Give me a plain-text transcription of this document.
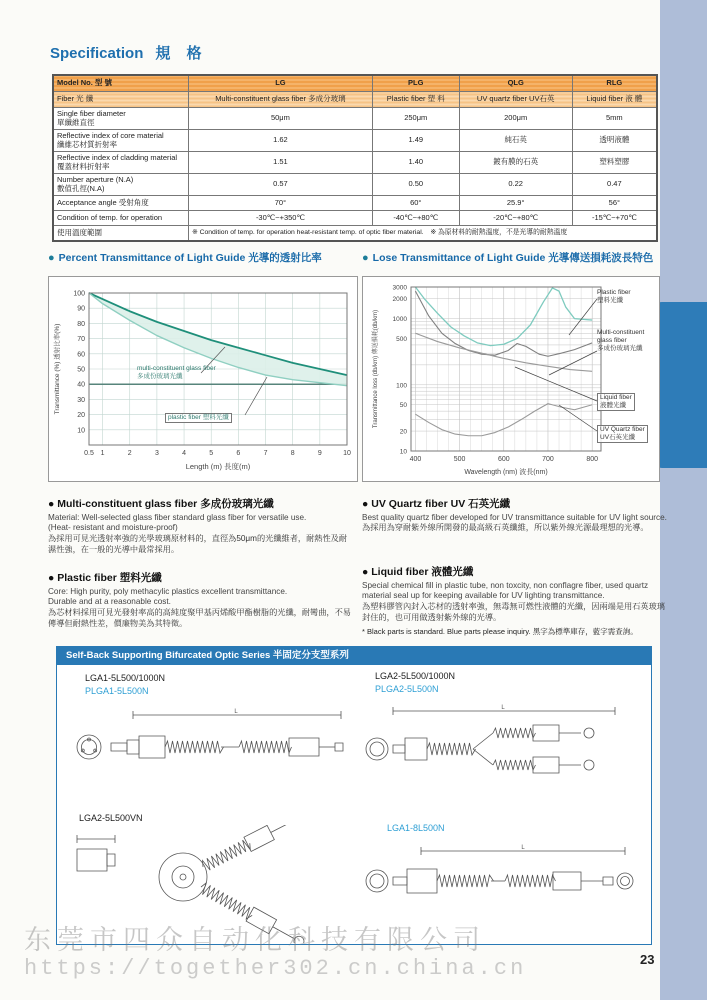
Specification 規 格
Model No. 型 號	LG	PLG	QLG	RLG
Fiber 光 纖	Multi-constituent glass fiber 多成分玻璃	Plastic fiber 塑 料	UV quartz fiber UV石英	Liquid fiber 液 體

Single fiber diameter
單纖維直徑	50μm	250μm	200μm	5mm

Reflective index of core material
纖維芯材質折射率	1.62	1.49	純石英	透明液體

Reflective index of cladding material
覆蓋材料折射率	1.51	1.40	鍍有膜的石英	塑料塑膠

Number aperture (N.A)
數值孔徑(N.A)	0.57	0.50	0.22	0.47
Acceptance angle 受射角度	70°	60°	25.9°	56°
Condition of temp. for operation	-30℃~+350℃	-40℃~+80℃	-20℃~+80℃	-15℃~+70℃
使用溫度範圍	※ Condition of temp. for operation heat-resistant temp. of optic fiber material.　※ 為原材料的耐熱溫度，不是光導的耐熱溫度			
● Percent Transmittance of Light Guide 光導的透射比率	● Lose Transmittance of Light Guide 光導傳送損耗波長特色
10
20
30
40
50
60
70
80
90
100
0.5 1	2	3	4	5	6	7	8	9	10
Length (m) 長度(m)
Transmittance (%) 透射比率(%)	multi-constituent glass fiber
多成份玻璃光纖
plastic fiber 塑料光纖
3000
2000
1000
500
100
50
20
10
400	500	600	700	800
Wavelength (nm) 波長(nm)
Transmittance loss (db/km) 傳送損耗(db/km)
Plastic fiber
塑料光纖
Multi-constituent glass fiber
多成份玻璃光纖
Liquid fiber
液體光纖
UV Quartz fiber
UV石英光纖
● Multi-constituent glass fiber 多成份玻璃光纖

Material: Well-selected glass fiber standard glass fiber for versatile use.

(Heat- resistant and moisture-proof)

為採用可見光透射率強的光學玻璃原材料的，直徑為50μm的光纖維者，耐熱性及耐濕性強，在一般的光導中最常採用。

● Plastic fiber 塑料光纖

Core: High purity, poly methacylic plastics excellent transmittance.

Durable and at a reasonable cost.

為芯材料採用可見光發射率高的高純度聚甲基丙烯酸甲酯樹脂的光纖，耐彎曲，不易傳導但耐熱性差，價廉物美為其特徵。

● UV Quartz fiber UV 石英光纖

Best quality quartz fiber developed for UV transmittance suitable for UV light source.

為採用為穿耐紫外線所開發的最高級石英纖維，所以紫外線光源最理想的光導。

● Liquid fiber 液體光纖

Special chemical fill in plastic tube, non toxcity, non conflagre fiber, used quartz material seal up for keeping available for UV lighting transmittance.

為塑料膠管內封入芯材的透射率強，無毒無可燃性液體的光纖，因兩端是用石英玻璃封住的，也可用做透射紫外線的光導。

* Black parts is standard. Blue parts please inquiry. 黑字為標準庫存，藍字需查詢。
Self-Back Supporting Bifurcated Optic Series 半固定分支型系列
LGA1-5L500/1000N
PLGA1-5L500N
LGA2-5L500/1000N
PLGA2-5L500N
LGA2-5L500VN
LGA1-8L500N
L
L
L
东莞市四众自动化科技有限公司
https://together302.cn.china.cn	23
